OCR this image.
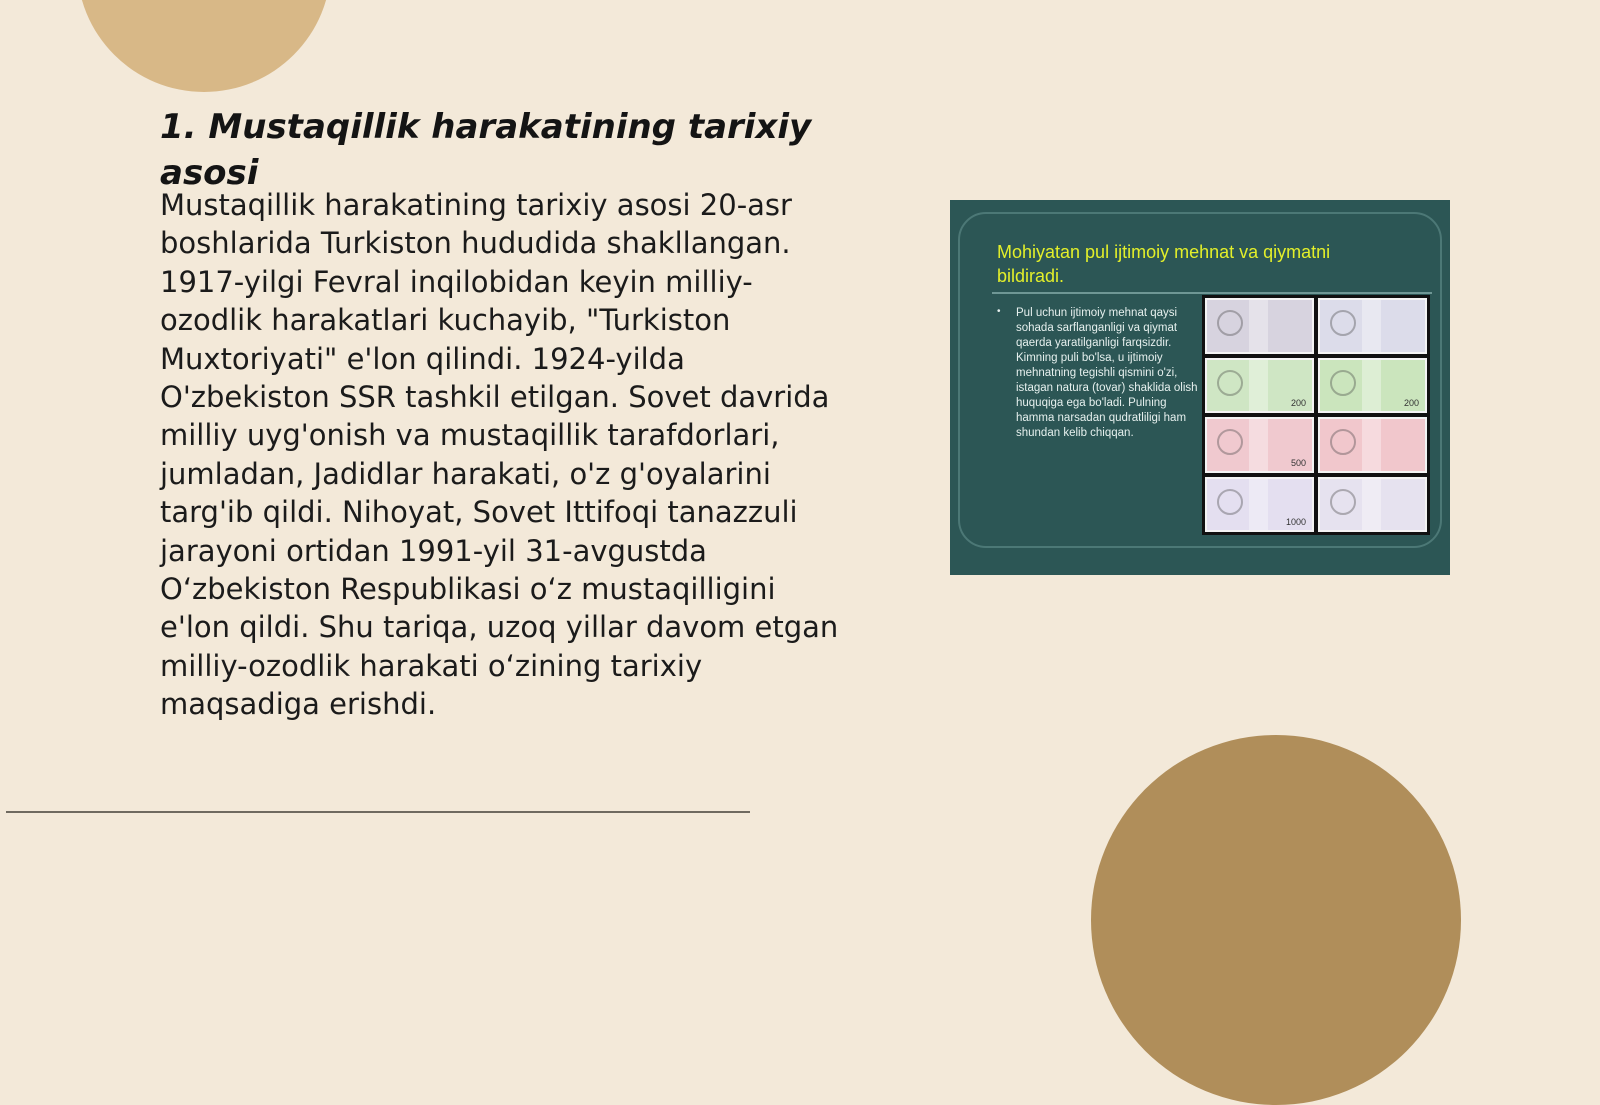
1. Mustaqillik harakatining tarixiy asosi

Mustaqillik harakatining tarixiy asosi 20-asr boshlarida Turkiston hududida shakllangan. 1917-yilgi Fevral inqilobidan keyin milliy-ozodlik harakatlari kuchayib, "Turkiston Muxtoriyati" e'lon qilindi. 1924-yilda O'zbekiston SSR tashkil etilgan. Sovet davrida milliy uyg'onish va mustaqillik tarafdorlari, jumladan, Jadidlar harakati, o'z g'oyalarini targ'ib qildi. Nihoyat, Sovet Ittifoqi tanazzuli jarayoni ortidan 1991-yil 31-avgustda O‘zbekiston Respublikasi o‘z mustaqilligini e'lon qildi. Shu tariqa, uzoq yillar davom etgan milliy-ozodlik harakati o‘zining tarixiy maqsadiga erishdi.

Mohiyatan pul ijtimoiy mehnat va qiymatni bildiradi.
•	Pul uchun ijtimoiy mehnat qaysi sohada sarflanganligi va qiymat qaerda yaratilganligi farqsizdir. Kimning puli bo'lsa, u ijtimoiy mehnatning tegishli qismini o'zi, istagan natura (tovar) shaklida olish huquqiga ega bo'ladi. Pulning hamma narsadan qudratliligi ham shundan kelib chiqqan.
200	200
500
1000
